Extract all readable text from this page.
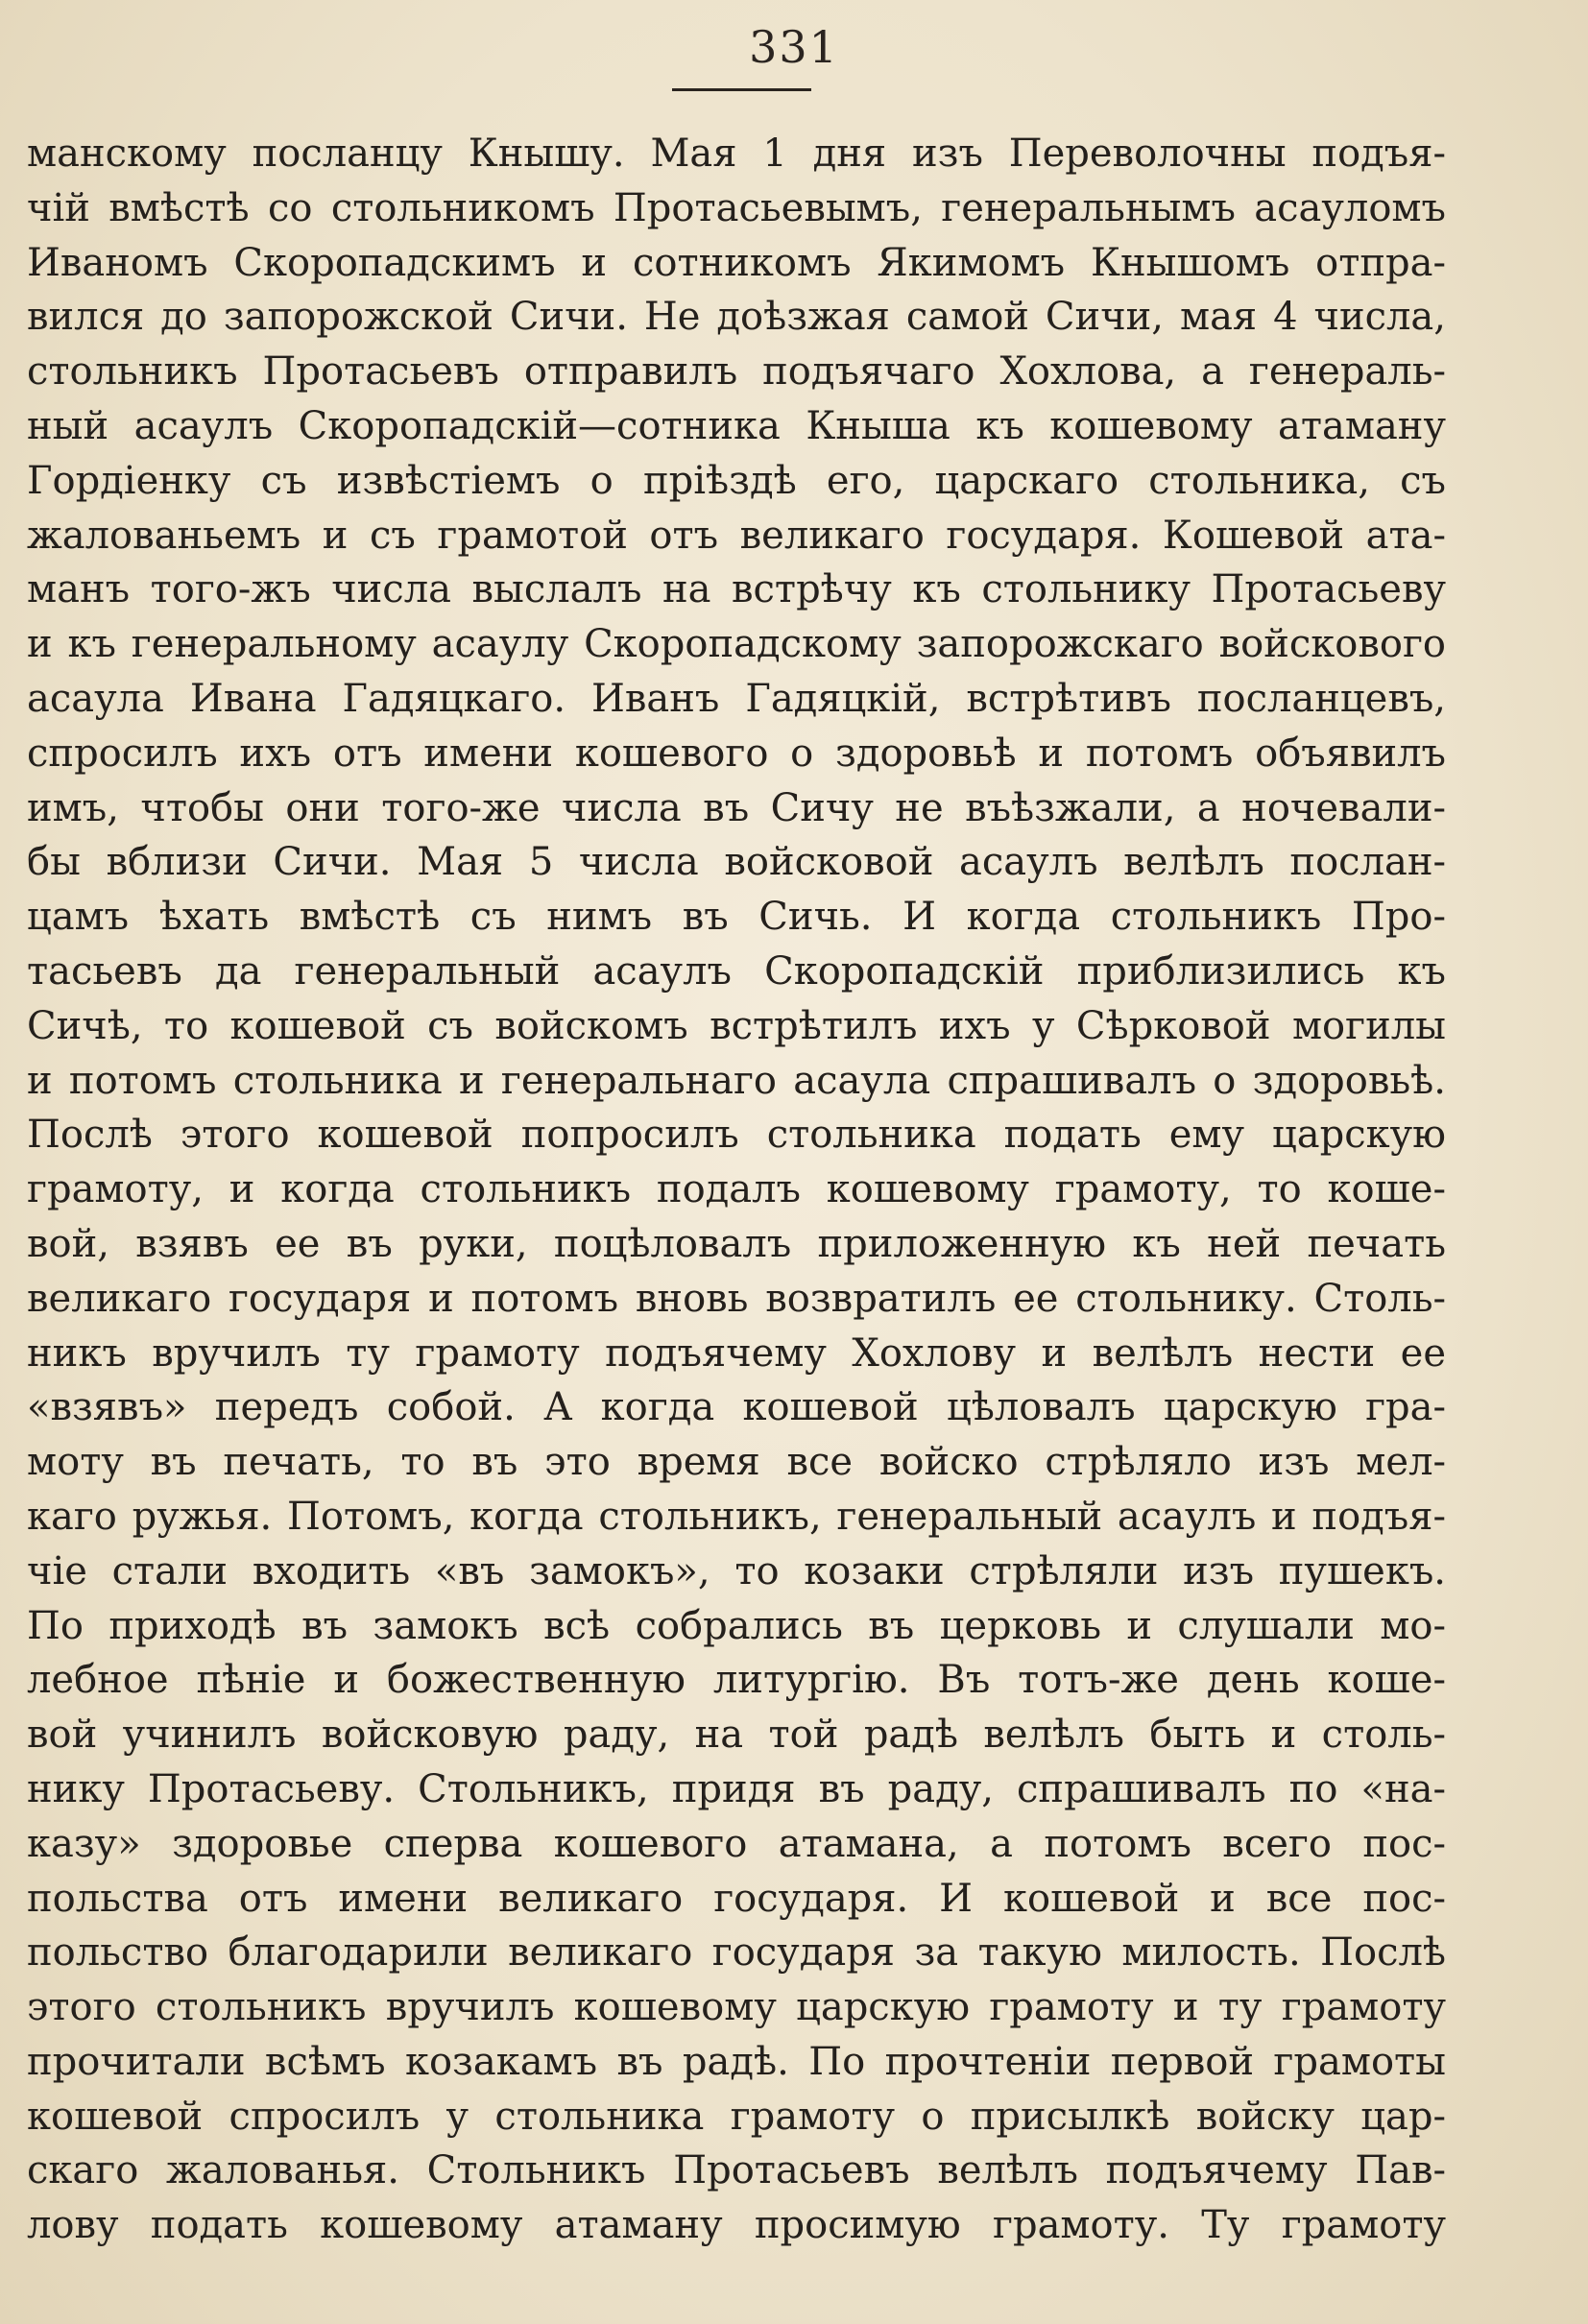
331
манскому посланцу Кнышу. Мая 1 дня изъ Переволочны подъя-
чій вмѣстѣ со стольникомъ Протасьевымъ, генеральнымъ асауломъ
Иваномъ Скоропадскимъ и сотникомъ Якимомъ Кнышомъ отпра-
вился до запорожской Сичи. Не доѣзжая самой Сичи, мая 4 числа,
стольникъ Протасьевъ отправилъ подъячаго Хохлова, а генераль-
ный асаулъ Скоропадскій—сотника Кныша къ кошевому атаману
Гордіенку съ извѣстіемъ о пріѣздѣ его, царскаго стольника, съ
жалованьемъ и съ грамотой отъ великаго государя. Кошевой ата-
манъ того-жъ числа выслалъ на встрѣчу къ стольнику Протасьеву
и къ генеральному асаулу Скоропадскому запорожскаго войскового
асаула Ивана Гадяцкаго. Иванъ Гадяцкій, встрѣтивъ посланцевъ,
спросилъ ихъ отъ имени кошевого о здоровьѣ и потомъ объявилъ
имъ, чтобы они того-же числа въ Сичу не въѣзжали, а ночевали-
бы вблизи Сичи. Мая 5 числа войсковой асаулъ велѣлъ послан-
цамъ ѣхать вмѣстѣ съ нимъ въ Сичь. И когда стольникъ Про-
тасьевъ да генеральный асаулъ Скоропадскій приблизились къ
Сичѣ, то кошевой съ войскомъ встрѣтилъ ихъ у Сѣрковой могилы
и потомъ стольника и генеральнаго асаула спрашивалъ о здоровьѣ.
Послѣ этого кошевой попросилъ стольника подать ему царскую
грамоту, и когда стольникъ подалъ кошевому грамоту, то коше-
вой, взявъ ее въ руки, поцѣловалъ приложенную къ ней печать
великаго государя и потомъ вновь возвратилъ ее стольнику. Столь-
никъ вручилъ ту грамоту подъячему Хохлову и велѣлъ нести ее
«взявъ» передъ собой. А когда кошевой цѣловалъ царскую гра-
моту въ печать, то въ это время все войско стрѣляло изъ мел-
каго ружья. Потомъ, когда стольникъ, генеральный асаулъ и подъя-
чіе стали входить «въ замокъ», то козаки стрѣляли изъ пушекъ.
По приходѣ въ замокъ всѣ собрались въ церковь и слушали мо-
лебное пѣніе и божественную литургію. Въ тотъ-же день коше-
вой учинилъ войсковую раду, на той радѣ велѣлъ быть и столь-
нику Протасьеву. Стольникъ, придя въ раду, спрашивалъ по «на-
казу» здоровье сперва кошевого атамана, а потомъ всего пос-
польства отъ имени великаго государя. И кошевой и все пос-
польство благодарили великаго государя за такую милость. Послѣ
этого стольникъ вручилъ кошевому царскую грамоту и ту грамоту
прочитали всѣмъ козакамъ въ радѣ. По прочтеніи первой грамоты
кошевой спросилъ у стольника грамоту о присылкѣ войску цар-
скаго жалованья. Стольникъ Протасьевъ велѣлъ подъячему Пав-
лову подать кошевому атаману просимую грамоту. Ту грамоту
